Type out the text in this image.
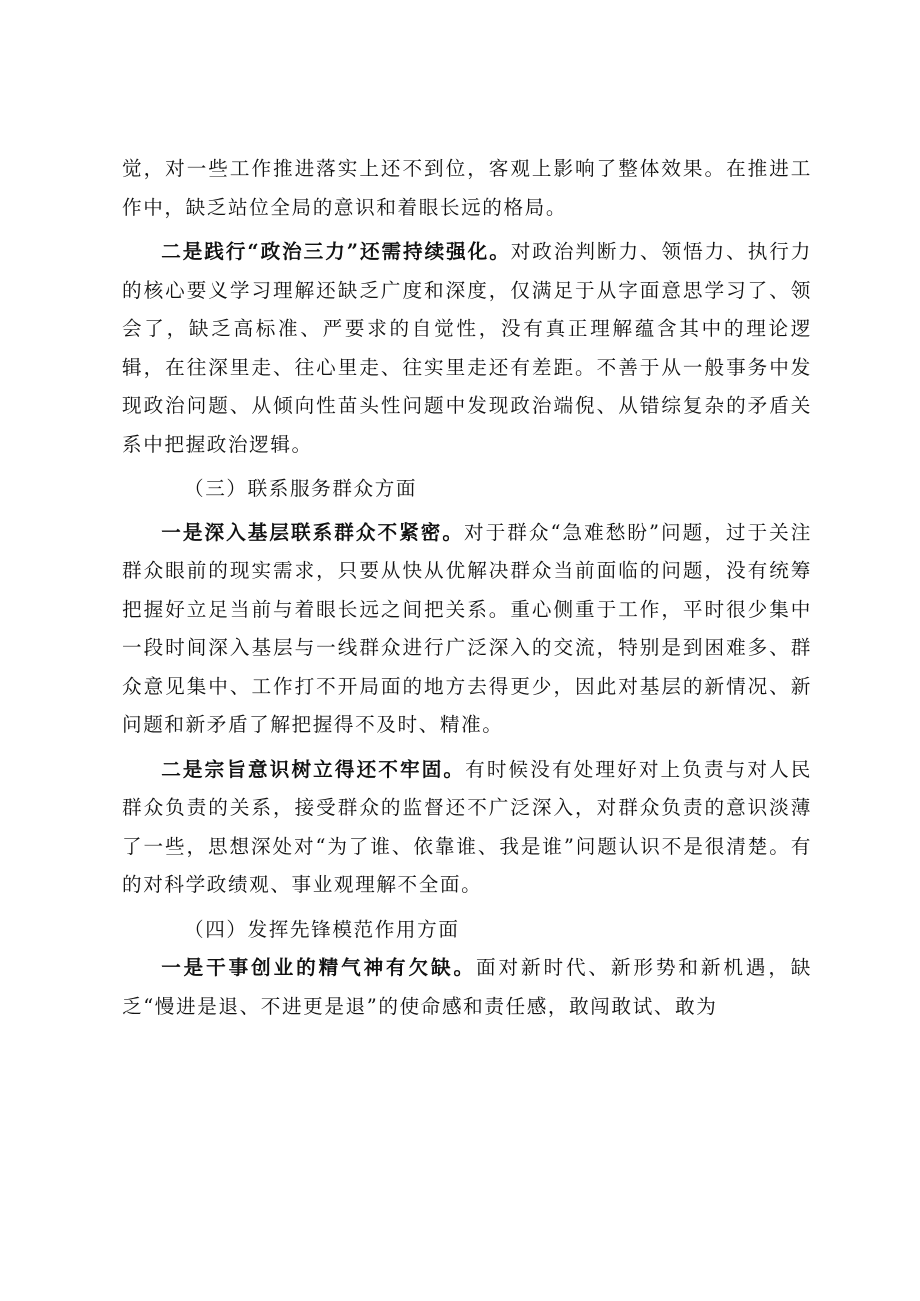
觉，对一些工作推进落实上还不到位，客观上影响了整体效果。在推进工作中，缺乏站位全局的意识和着眼长远的格局。

二是践行“政治三力”还需持续强化。对政治判断力、领悟力、执行力的核心要义学习理解还缺乏广度和深度，仅满足于从字面意思学习了、领会了，缺乏高标准、严要求的自觉性，没有真正理解蕴含其中的理论逻辑，在往深里走、往心里走、往实里走还有差距。不善于从一般事务中发现政治问题、从倾向性苗头性问题中发现政治端倪、从错综复杂的矛盾关系中把握政治逻辑。

（三）联系服务群众方面

一是深入基层联系群众不紧密。对于群众“急难愁盼”问题，过于关注群众眼前的现实需求，只要从快从优解决群众当前面临的问题，没有统筹把握好立足当前与着眼长远之间把关系。重心侧重于工作，平时很少集中一段时间深入基层与一线群众进行广泛深入的交流，特别是到困难多、群众意见集中、工作打不开局面的地方去得更少，因此对基层的新情况、新问题和新矛盾了解把握得不及时、精准。

二是宗旨意识树立得还不牢固。有时候没有处理好对上负责与对人民群众负责的关系，接受群众的监督还不广泛深入，对群众负责的意识淡薄了一些，思想深处对“为了谁、依靠谁、我是谁”问题认识不是很清楚。有的对科学政绩观、事业观理解不全面。

（四）发挥先锋模范作用方面

一是干事创业的精气神有欠缺。面对新时代、新形势和新机遇，缺乏“慢进是退、不进更是退”的使命感和责任感，敢闯敢试、敢为
